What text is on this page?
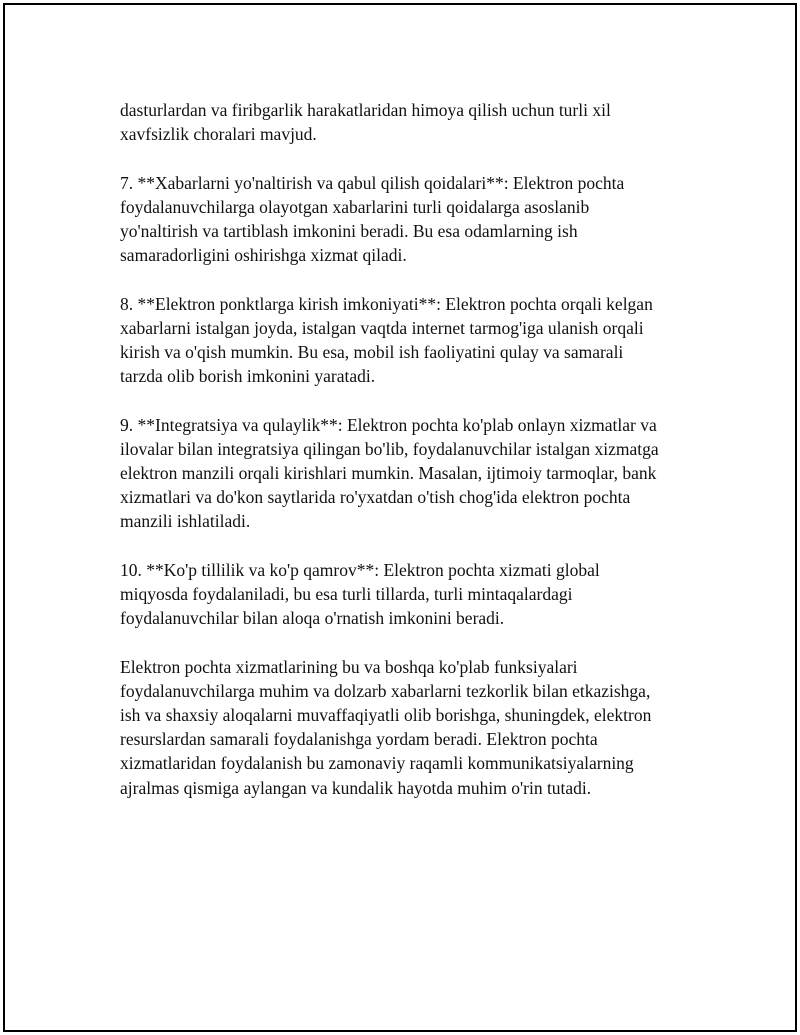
dasturlardan va firibgarlik harakatlaridan himoya qilish uchun turli xil
xavfsizlik choralari mavjud.

7. **Xabarlarni yo'naltirish va qabul qilish qoidalari**: Elektron pochta
foydalanuvchilarga olayotgan xabarlarini turli qoidalarga asoslanib
yo'naltirish va tartiblash imkonini beradi. Bu esa odamlarning ish
samaradorligini oshirishga xizmat qiladi.

8. **Elektron ponktlarga kirish imkoniyati**: Elektron pochta orqali kelgan
xabarlarni istalgan joyda, istalgan vaqtda internet tarmog'iga ulanish orqali
kirish va o'qish mumkin. Bu esa, mobil ish faoliyatini qulay va samarali
tarzda olib borish imkonini yaratadi.

9. **Integratsiya va qulaylik**: Elektron pochta ko'plab onlayn xizmatlar va
ilovalar bilan integratsiya qilingan bo'lib, foydalanuvchilar istalgan xizmatga
elektron manzili orqali kirishlari mumkin. Masalan, ijtimoiy tarmoqlar, bank
xizmatlari va do'kon saytlarida ro'yxatdan o'tish chog'ida elektron pochta
manzili ishlatiladi.

10. **Ko'p tillilik va ko'p qamrov**: Elektron pochta xizmati global
miqyosda foydalaniladi, bu esa turli tillarda, turli mintaqalardagi
foydalanuvchilar bilan aloqa o'rnatish imkonini beradi.

Elektron pochta xizmatlarining bu va boshqa ko'plab funksiyalari
foydalanuvchilarga muhim va dolzarb xabarlarni tezkorlik bilan etkazishga,
ish va shaxsiy aloqalarni muvaffaqiyatli olib borishga, shuningdek, elektron
resurslardan samarali foydalanishga yordam beradi. Elektron pochta
xizmatlaridan foydalanish bu zamonaviy raqamli kommunikatsiyalarning
ajralmas qismiga aylangan va kundalik hayotda muhim o'rin tutadi.
